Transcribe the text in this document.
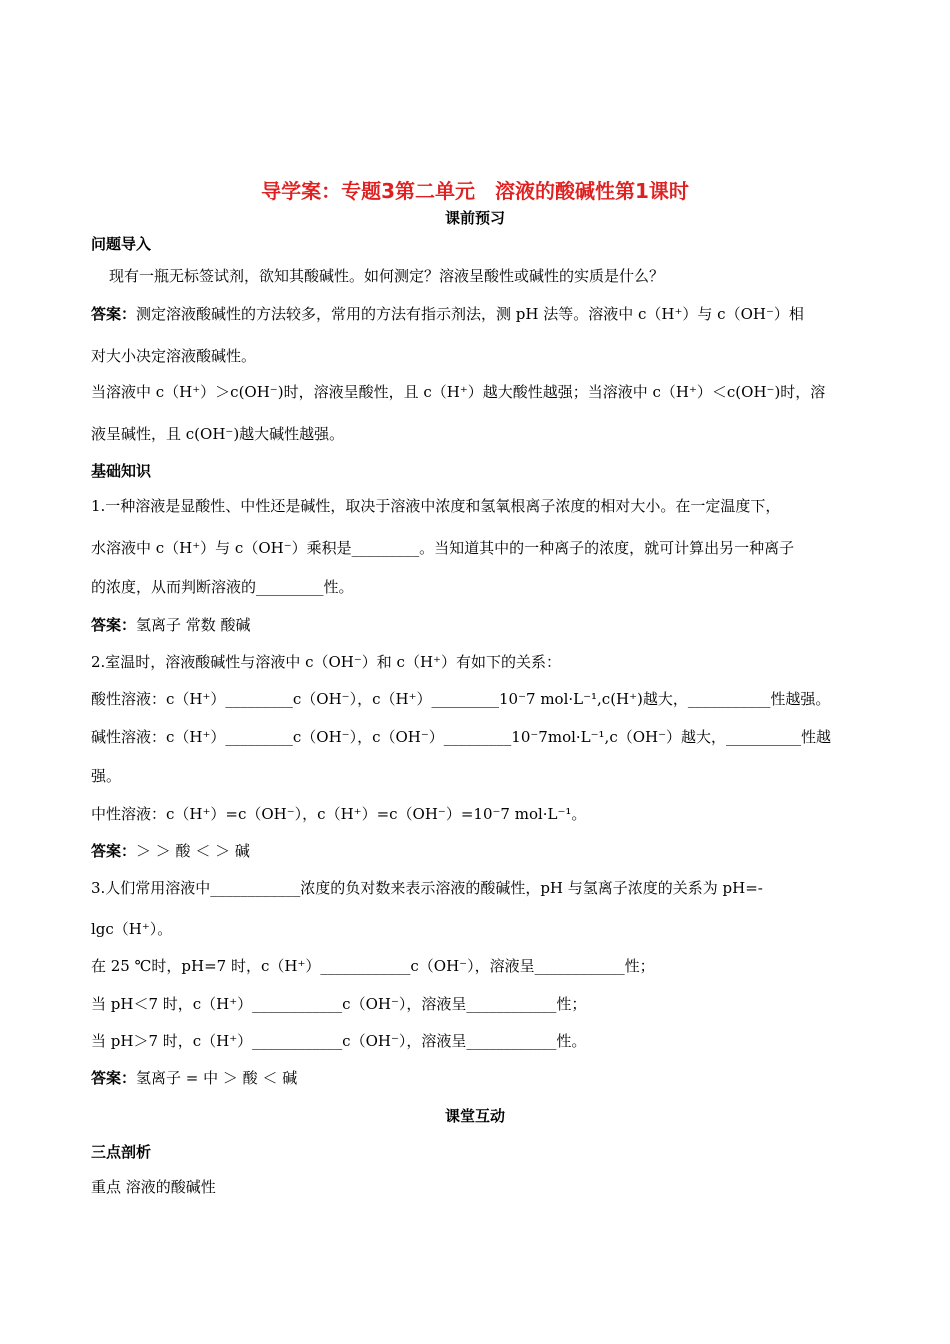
导学案：专题3第二单元　溶液的酸碱性第1课时
课前预习
问题导入
现有一瓶无标签试剂，欲知其酸碱性。如何测定？溶液呈酸性或碱性的实质是什么？
答案：测定溶液酸碱性的方法较多，常用的方法有指示剂法，测 pH 法等。溶液中 c（H⁺）与 c（OH⁻）相
对大小决定溶液酸碱性。
当溶液中 c（H⁺）＞c(OH⁻)时，溶液呈酸性，且 c（H⁺）越大酸性越强；当溶液中 c（H⁺）＜c(OH⁻)时，溶
液呈碱性，且 c(OH⁻)越大碱性越强。
基础知识
1.一种溶液是显酸性、中性还是碱性，取决于溶液中浓度和氢氧根离子浓度的相对大小。在一定温度下，
水溶液中 c（H⁺）与 c（OH⁻）乘积是_________。当知道其中的一种离子的浓度，就可计算出另一种离子
的浓度，从而判断溶液的_________性。
答案：氢离子 常数 酸碱
2.室温时，溶液酸碱性与溶液中 c（OH⁻）和 c（H⁺）有如下的关系：
酸性溶液：c（H⁺）_________c（OH⁻），c（H⁺）_________10⁻7 mol·L⁻¹,c(H⁺)越大，___________性越强。
碱性溶液：c（H⁺）_________c（OH⁻），c（OH⁻）_________10⁻7mol·L⁻¹,c（OH⁻）越大，__________性越
强。
中性溶液：c（H⁺）=c（OH⁻），c（H⁺）=c（OH⁻）=10⁻7 mol·L⁻¹。
答案：＞ ＞ 酸 ＜ ＞ 碱
3.人们常用溶液中____________浓度的负对数来表示溶液的酸碱性，pH 与氢离子浓度的关系为 pH=-
lgc（H⁺）。
在 25 ℃时，pH=7 时，c（H⁺）____________c（OH⁻），溶液呈____________性；
当 pH＜7 时，c（H⁺）____________c（OH⁻），溶液呈____________性；
当 pH＞7 时，c（H⁺）____________c（OH⁻），溶液呈____________性。
答案：氢离子 = 中 ＞ 酸 ＜ 碱
课堂互动
三点剖析
重点 溶液的酸碱性
